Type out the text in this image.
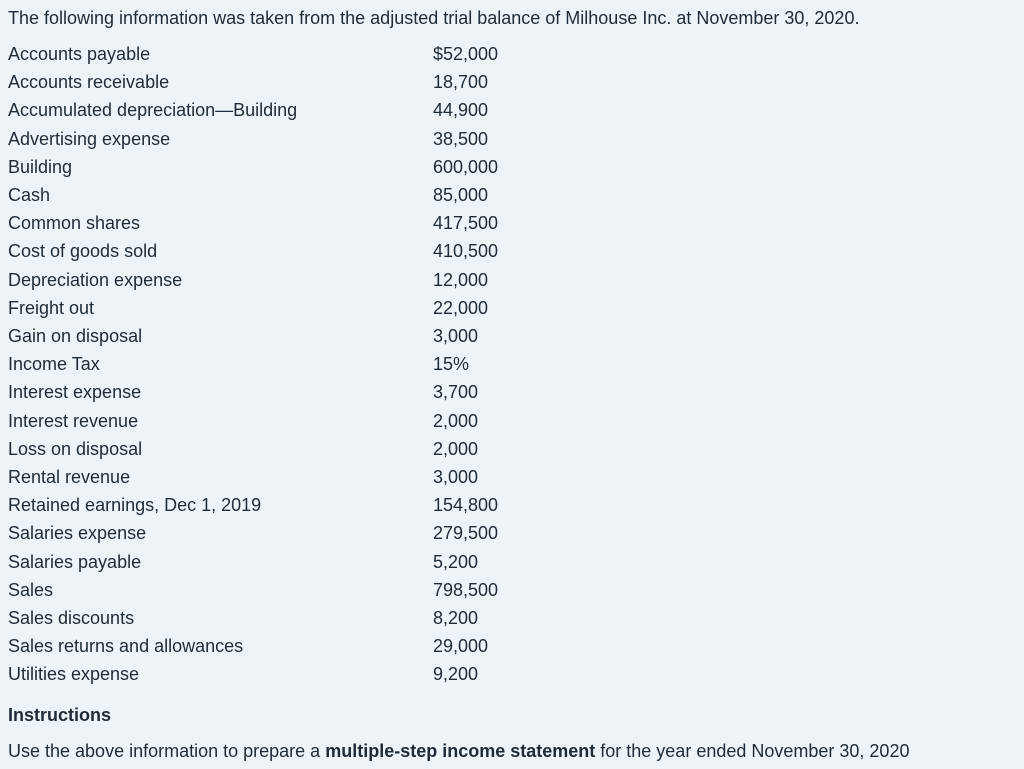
The following information was taken from the adjusted trial balance of Milhouse Inc. at November 30, 2020.

Accounts payable	$52,000
Accounts receivable	18,700
Accumulated depreciation—Building	44,900
Advertising expense	38,500
Building	600,000
Cash	85,000
Common shares	417,500
Cost of goods sold	410,500
Depreciation expense	12,000
Freight out	22,000
Gain on disposal	3,000
Income Tax	15%
Interest expense	3,700
Interest revenue	2,000
Loss on disposal	2,000
Rental revenue	3,000
Retained earnings, Dec 1, 2019	154,800
Salaries expense	279,500
Salaries payable	5,200
Sales	798,500
Sales discounts	8,200
Sales returns and allowances	29,000
Utilities expense	9,200
Instructions
Use the above information to prepare a multiple-step income statement for the year ended November 30, 2020
